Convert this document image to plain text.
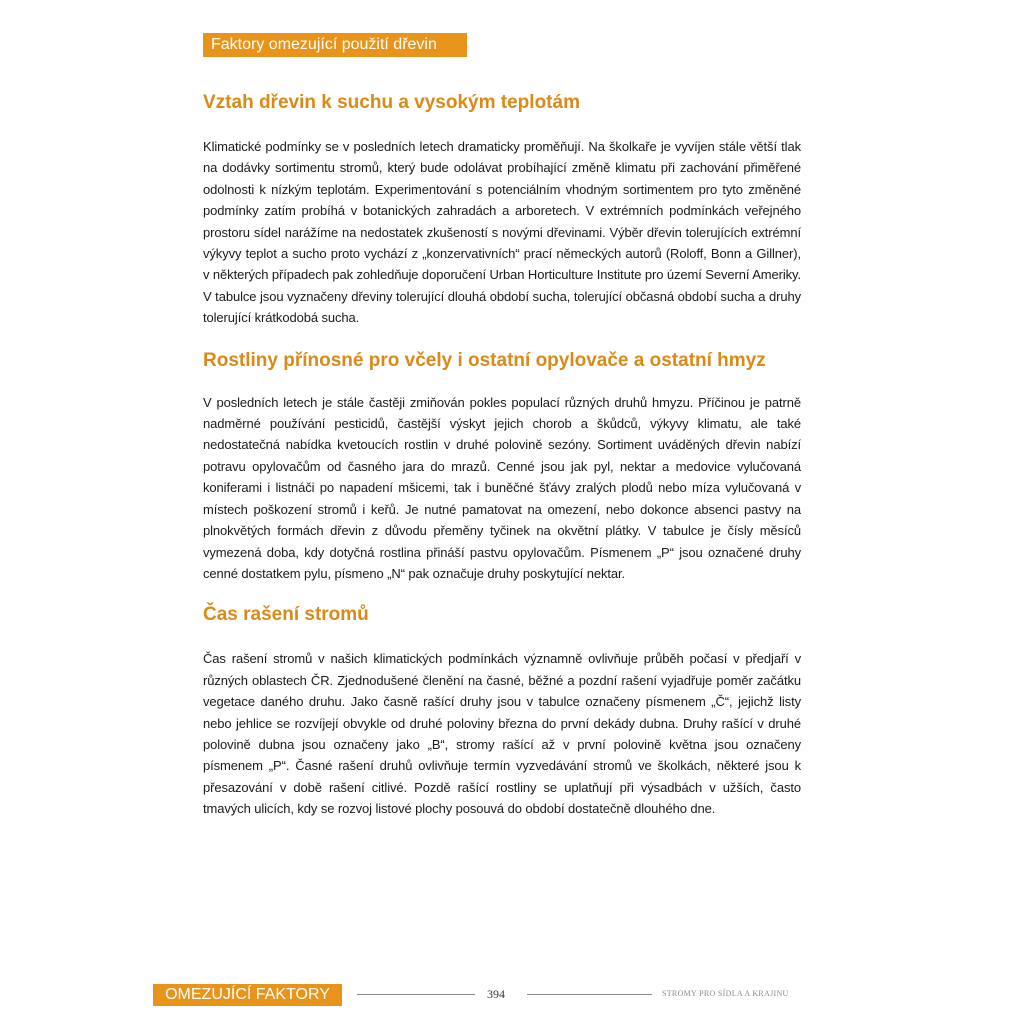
Faktory omezující použití dřevin
Vztah dřevin k suchu a vysokým teplotám

Klimatické podmínky se v posledních letech dramaticky proměňují. Na školkaře je vyvíjen stále větší tlak na dodávky sortimentu stromů, který bude odolávat probíhající změně klimatu při zachování přiměřené odolnosti k nízkým teplotám. Experimentování s potenciálním vhodným sortimentem pro tyto změněné podmínky zatím probíhá v botanických zahradách a arboretech. V extrémních podmínkách veřejného prostoru sídel narážíme na nedostatek zkušeností s novými dřevinami. Výběr dřevin tolerujících extrémní výkyvy teplot a sucho proto vychází z „konzervativních“ prací německých autorů (Roloff, Bonn a Gillner), v některých případech pak zohledňuje doporučení Urban Horticulture Institute pro území Severní Ameriky. V tabulce jsou vyznačeny dřeviny tolerující dlouhá období sucha, tolerující občasná období sucha a druhy tolerující krátkodobá sucha.

Rostliny přínosné pro včely i ostatní opylovače a ostatní hmyz

V posledních letech je stále častěji zmiňován pokles populací různých druhů hmyzu. Příčinou je patrně nadměrné používání pesticidů, častější výskyt jejich chorob a škůdců, výkyvy klimatu, ale také nedostatečná nabídka kvetoucích rostlin v druhé polovině sezóny. Sortiment uváděných dřevin nabízí potravu opylovačům od časného jara do mrazů. Cenné jsou jak pyl, nektar a medovice vylučovaná koniferami i listnáči po napadení mšicemi, tak i buněčné šťávy zralých plodů nebo míza vylučovaná v místech poškození stromů i keřů. Je nutné pamatovat na omezení, nebo dokonce absenci pastvy na plnokvětých formách dřevin z důvodu přeměny tyčinek na okvětní plátky. V tabulce je čísly měsíců vymezená doba, kdy dotyčná rostlina přináší pastvu opylovačům. Písmenem „P“ jsou označené druhy cenné dostatkem pylu, písmeno „N“ pak označuje druhy poskytující nektar.

Čas rašení stromů

Čas rašení stromů v našich klimatických podmínkách významně ovlivňuje průběh počasí v předjaří v různých oblastech ČR. Zjednodušené členění na časné, běžné a pozdní rašení vyjadřuje poměr začátku vegetace daného druhu. Jako časně rašící druhy jsou v tabulce označeny písmenem „Č“, jejichž listy nebo jehlice se rozvíjejí obvykle od druhé poloviny března do první dekády dubna. Druhy rašící v druhé polovině dubna jsou označeny jako „B“, stromy rašící až v první polovině května jsou označeny písmenem „P“. Časné rašení druhů ovlivňuje termín vyzvedávání stromů ve školkách, některé jsou k přesazování v době rašení citlivé. Pozdě rašící rostliny se uplatňují při výsadbách v užších, často tmavých ulicích, kdy se rozvoj listové plochy posouvá do období dostatečně dlouhého dne.

OMEZUJÍCÍ FAKTORY	394	STROMY PRO SÍDLA A KRAJINU
